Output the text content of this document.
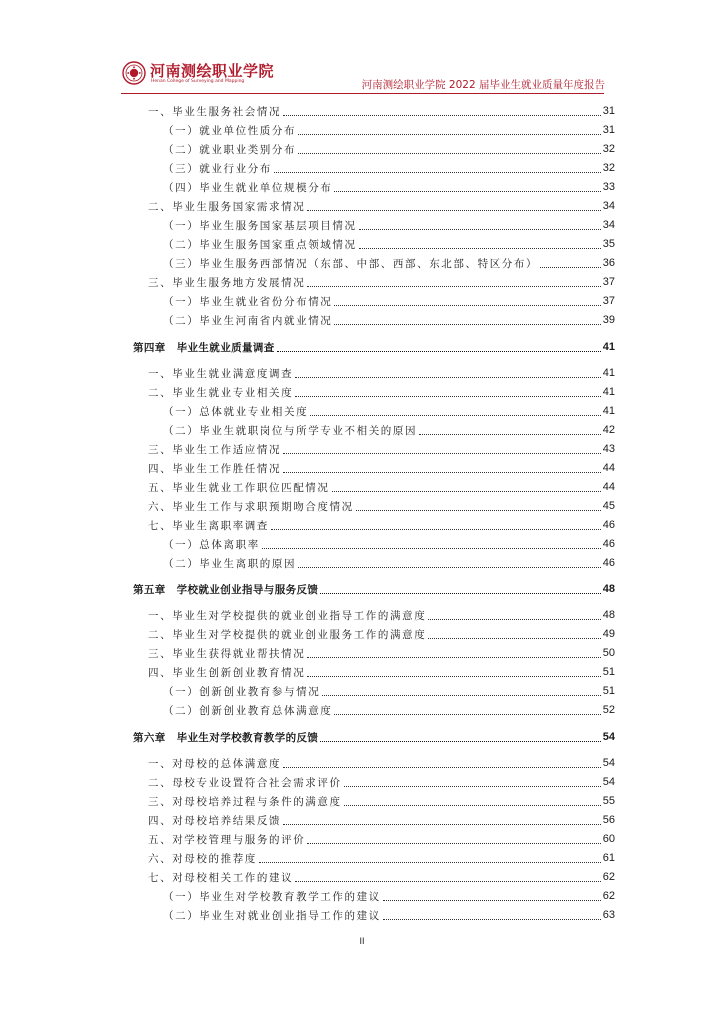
河南测绘职业学院
Henan College of Surveying and Mapping	河南测绘职业学院 2022 届毕业生就业质量年度报告
一、毕业生服务社会情况	31
（一）就业单位性质分布	31
（二）就业职业类别分布	32
（三）就业行业分布	32
（四）毕业生就业单位规模分布	33
二、毕业生服务国家需求情况	34
（一）毕业生服务国家基层项目情况	34
（二）毕业生服务国家重点领域情况	35
（三）毕业生服务西部情况（东部、中部、西部、东北部、特区分布）	36
三、毕业生服务地方发展情况	37
（一）毕业生就业省份分布情况	37
（二）毕业生河南省内就业情况	39
第四章　毕业生就业质量调查	41
一、毕业生就业满意度调查	41
二、毕业生就业专业相关度	41
（一）总体就业专业相关度	41
（二）毕业生就职岗位与所学专业不相关的原因	42
三、毕业生工作适应情况	43
四、毕业生工作胜任情况	44
五、毕业生就业工作职位匹配情况	44
六、毕业生工作与求职预期吻合度情况	45
七、毕业生离职率调查	46
（一）总体离职率	46
（二）毕业生离职的原因	46
第五章　学校就业创业指导与服务反馈	48
一、毕业生对学校提供的就业创业指导工作的满意度	48
二、毕业生对学校提供的就业创业服务工作的满意度	49
三、毕业生获得就业帮扶情况	50
四、毕业生创新创业教育情况	51
（一）创新创业教育参与情况	51
（二）创新创业教育总体满意度	52
第六章　毕业生对学校教育教学的反馈	54
一、对母校的总体满意度	54
二、母校专业设置符合社会需求评价	54
三、对母校培养过程与条件的满意度	55
四、对母校培养结果反馈	56
五、对学校管理与服务的评价	60
六、对母校的推荐度	61
七、对母校相关工作的建议	62
（一）毕业生对学校教育教学工作的建议	62
（二）毕业生对就业创业指导工作的建议	63
II
